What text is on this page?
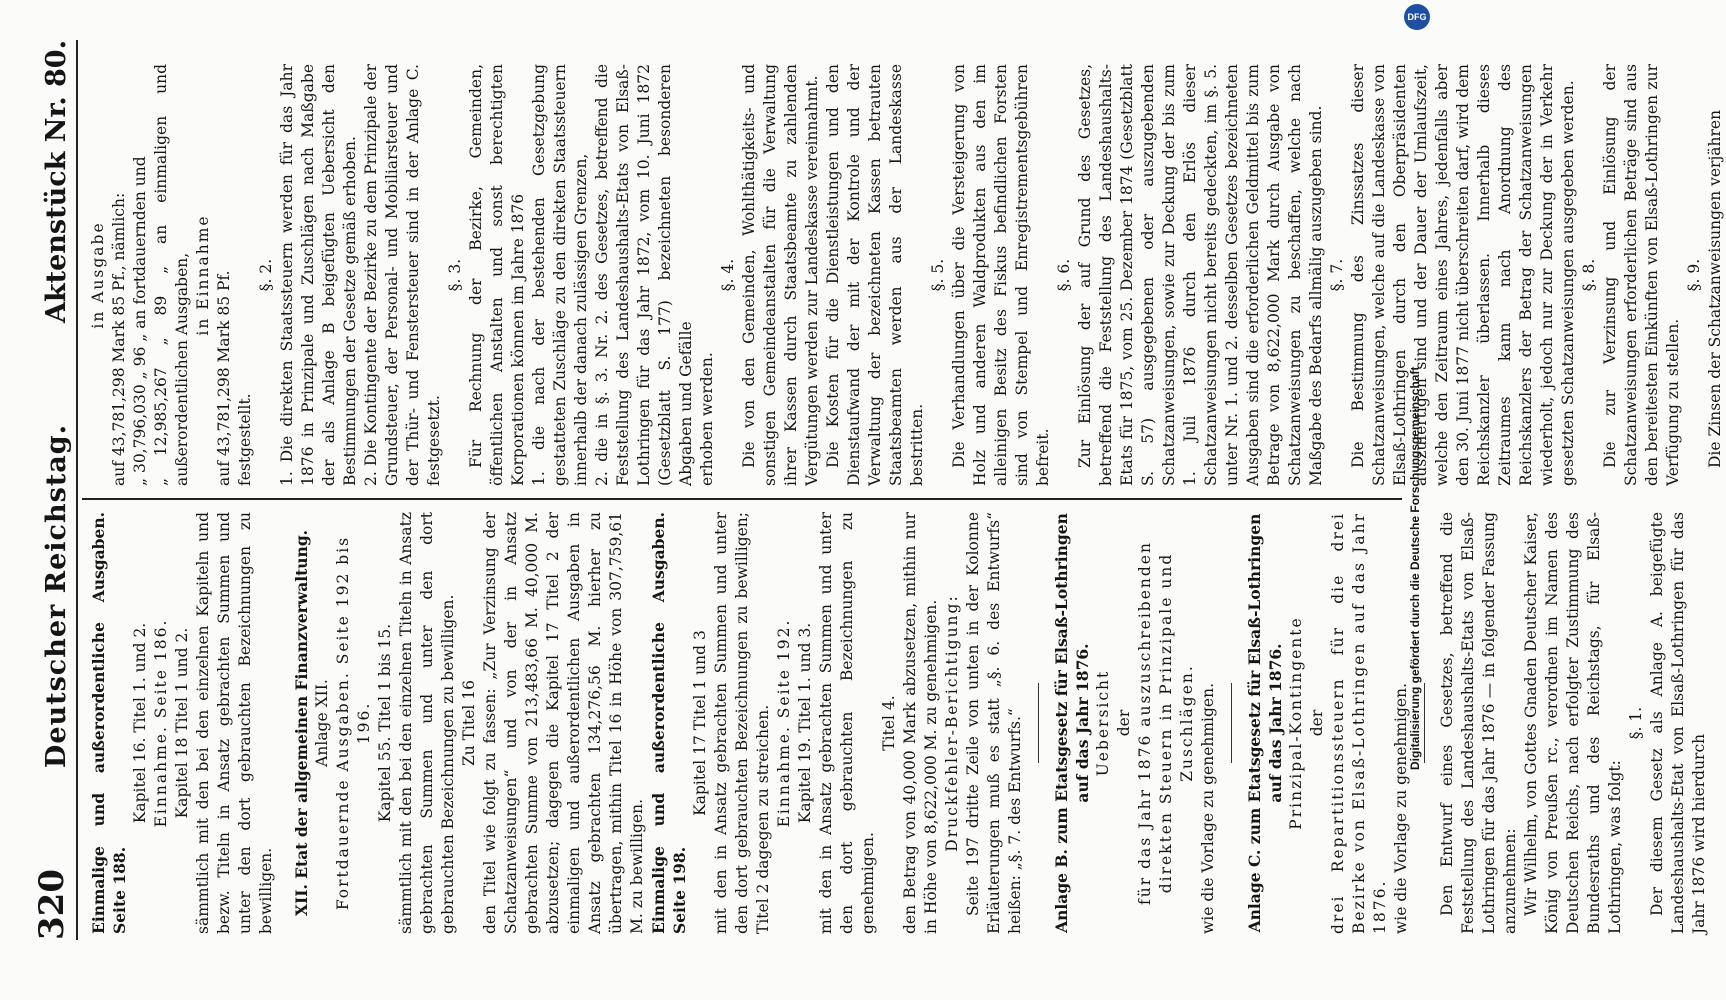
320
Deutscher Reichstag.
Aktenstück Nr. 80.

Einmalige und außerordentliche Ausgaben. Seite 188.

Kapitel 16. Titel 1. und 2. Einnahme. Seite 186. Kapitel 18 Titel 1 und 2. sämmtlich mit den bei den einzelnen Kapiteln und bezw. Titeln in Ansatz gebrachten Summen und unter den dort gebrauchten Bezeichnungen zu bewilligen. XII. Etat der allgemeinen Finanzverwaltung. Anlage XII. Fortdauernde Ausgaben. Seite 192 bis 196. Kapitel 55. Titel 1 bis 15. sämmtlich mit den bei den einzelnen Titeln in Ansatz gebrachten Summen und unter den dort gebrauchten Bezeichnungen zu bewilligen. Zu Titel 16 den Titel wie folgt zu fassen: „Zur Verzinsung der Schatzanweisungen“ und von der in Ansatz gebrachten Summe von 213,483,66 M. 40,000 M. abzusetzen; dagegen die Kapitel 17 Titel 2 der einmaligen und außerordentlichen Ausgaben in Ansatz gebrachten 134,276,56 M. hierher zu übertragen, mithin Titel 16 in Höhe von 307,759,61 M. zu bewilligen. Einmalige und außerordentliche Ausgaben. Seite 198.

Kapitel 17 Titel 1 und 3 mit den in Ansatz gebrachten Summen und unter den dort gebrauchten Bezeichnungen zu bewilligen; Titel 2 dagegen zu streichen. Einnahme. Seite 192. Kapitel 19. Titel 1. und 3. mit den in Ansatz gebrachten Summen und unter den dort gebrauchten Bezeichnungen zu genehmigen.

Titel 4. den Betrag von 40,000 Mark abzusetzen, mithin nur in Höhe von 8,622,000 M. zu genehmigen. Druckfehler-Berichtigung: Seite 197 dritte Zeile von unten in der Kolonne Erläuterungen muß es statt „§. 6. des Entwurfs“ heißen: „§. 7. des Entwurfs.“ Anlage B. zum Etatsgesetz für Elsaß-Lothringen auf das Jahr 1876. Uebersicht der für das Jahr 1876 auszuschreibenden direkten Steuern in Prinzipale und Zuschlägen. wie die Vorlage zu genehmigen. Anlage C. zum Etatsgesetz für Elsaß-Lothringen auf das Jahr 1876. Prinzipal-Kontingente der drei Repartitionssteuern für die drei Bezirke von Elsaß-Lothringen auf das Jahr 1876. wie die Vorlage zu genehmigen. Den Entwurf eines Gesetzes, betreffend die Feststellung des Landeshaushalts-Etats von Elsaß-Lothringen für das Jahr 1876 — in folgender Fassung anzunehmen: Wir Wilhelm, von Gottes Gnaden Deutscher Kaiser, König von Preußen rc., verordnen im Namen des Deutschen Reichs, nach erfolgter Zustimmung des Bundesraths und des Reichstags, für Elsaß-Lothringen, was folgt:

§. 1. Der diesem Gesetz als Anlage A. beigefügte Landeshaushalts-Etat von Elsaß-Lothringen für das Jahr 1876 wird hierdurch

in Ausgabe auf 43,781,298 Mark 85 Pf., nämlich: „ 30,796,030 „ 96 „ an fortdauernden und „ 12,985,267 „ 89 „ an einmaligen und außerordentlichen Ausgaben, in Einnahme auf 43,781,298 Mark 85 Pf. festgestellt.

§. 2. 1. Die direkten Staatssteuern werden für das Jahr 1876 in Prinzipale und Zuschlägen nach Maßgabe der als Anlage B beigefügten Uebersicht den Bestimmungen der Gesetze gemäß erhoben. 2. Die Kontingente der Bezirke zu dem Prinzipale der Grundsteuer, der Personal- und Mobiliarsteuer und der Thür- und Fenstersteuer sind in der Anlage C. festgesetzt.

§. 3. Für Rechnung der Bezirke, Gemeinden, öffentlichen Anstalten und sonst berechtigten Korporationen können im Jahre 1876 1. die nach der bestehenden Gesetzgebung gestatteten Zuschläge zu den direkten Staatssteuern innerhalb der danach zulässigen Grenzen, 2. die in §. 3. Nr. 2. des Gesetzes, betreffend die Feststellung des Landeshaushalts-Etats von Elsaß-Lothringen für das Jahr 1872, vom 10. Juni 1872 (Gesetzblatt S. 177) bezeichneten besonderen Abgaben und Gefälle erhoben werden.

§. 4. Die von den Gemeinden, Wohlthätigkeits- und sonstigen Gemeindeanstalten für die Verwaltung ihrer Kassen durch Staatsbeamte zu zahlenden Vergütungen werden zur Landeskasse vereinnahmt. Die Kosten für die Dienstleistungen und den Dienstaufwand der mit der Kontrole und der Verwaltung der bezeichneten Kassen betrauten Staatsbeamten werden aus der Landeskasse bestritten.

§. 5. Die Verhandlungen über die Versteigerung von Holz und anderen Waldprodukten aus den im alleinigen Besitz des Fiskus befindlichen Forsten sind von Stempel und Enregistrementsgebühren befreit.

§. 6. Zur Einlösung der auf Grund des Gesetzes, betreffend die Feststellung des Landeshaushalts-Etats für 1875, vom 25. Dezember 1874 (Gesetzblatt S. 57) ausgegebenen oder auszugebenden Schatzanweisungen, sowie zur Deckung der bis zum 1. Juli 1876 durch den Erlös dieser Schatzanweisungen nicht bereits gedeckten, im §. 5. unter Nr. 1. und 2. desselben Gesetzes bezeichneten Ausgaben sind die erforderlichen Geldmittel bis zum Betrage von 8,622,000 Mark durch Ausgabe von Schatzanweisungen zu beschaffen, welche nach Maßgabe des Bedarfs allmälig auszugeben sind. §. 7. Die Bestimmung des Zinssatzes dieser Schatzanweisungen, welche auf die Landeskasse von Elsaß-Lothringen durch den Oberpräsidenten auszufertigen sind und der Dauer der Umlaufszeit, welche den Zeitraum eines Jahres, jedenfalls aber den 30. Juni 1877 nicht überschreiten darf, wird dem Reichskanzler überlassen. Innerhalb dieses Zeitraumes kann nach Anordnung des Reichskanzlers der Betrag der Schatzanweisungen wiederholt, jedoch nur zur Deckung der in Verkehr gesetzten Schatzanweisungen ausgegeben werden. §. 8. Die zur Verzinsung und Einlösung der Schatzanweisungen erforderlichen Beträge sind aus den bereitesten Einkünften von Elsaß-Lothringen zur Verfügung zu stellen.

§. 9. Die Zinsen der Schatzanweisungen verjähren

Digitalisierung gefördert durch die Deutsche Forschungsgemeinschaft
DFG
